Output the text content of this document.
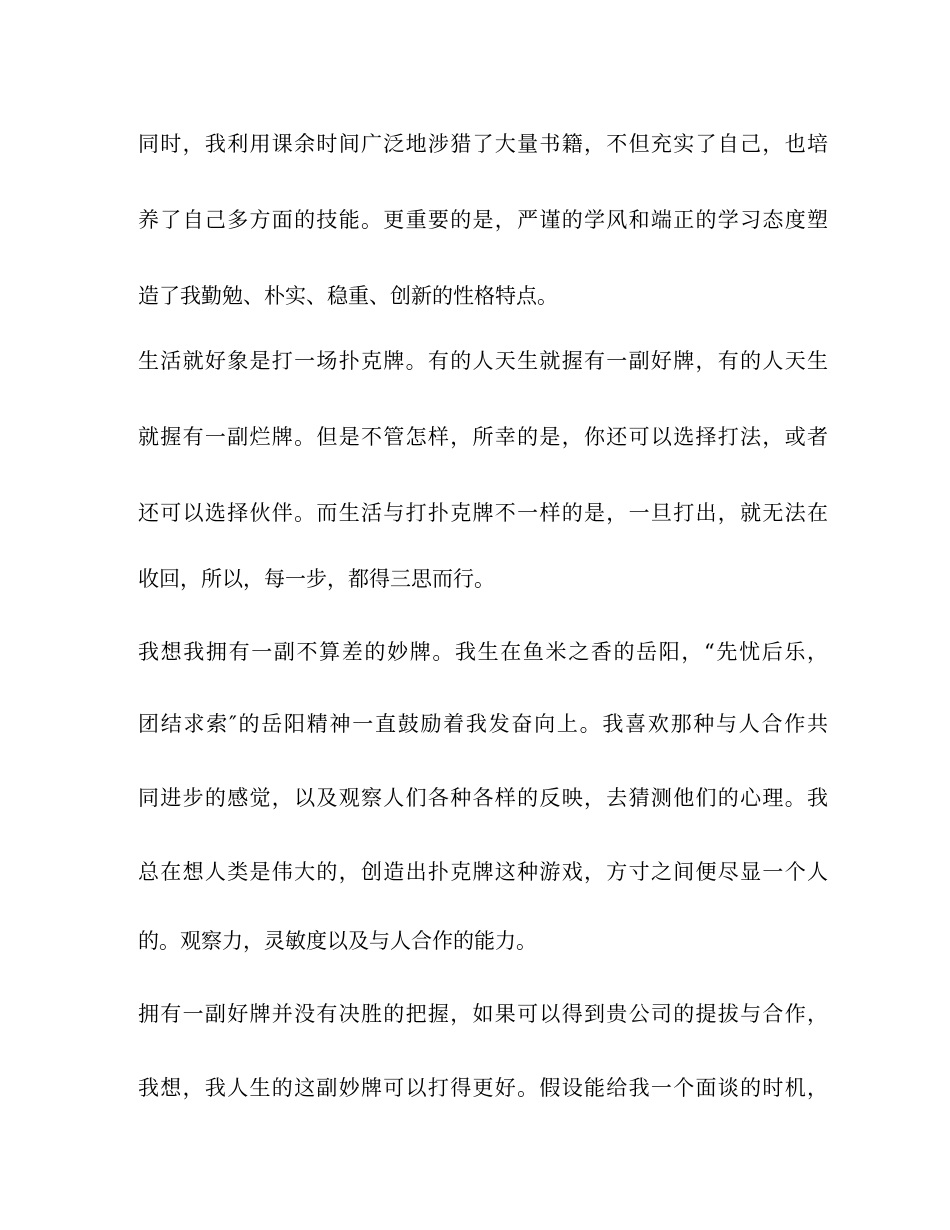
同时，我利用课余时间广泛地涉猎了大量书籍，不但充实了自己，也培
养了自己多方面的技能。更重要的是，严谨的学风和端正的学习态度塑
造了我勤勉、朴实、稳重、创新的性格特点。
生活就好象是打一场扑克牌。有的人天生就握有一副好牌，有的人天生
就握有一副烂牌。但是不管怎样，所幸的是，你还可以选择打法，或者
还可以选择伙伴。而生活与打扑克牌不一样的是，一旦打出，就无法在
收回，所以，每一步，都得三思而行。
我想我拥有一副不算差的妙牌。我生在鱼米之香的岳阳，“先忧后乐，
团结求索″的岳阳精神一直鼓励着我发奋向上。我喜欢那种与人合作共
同进步的感觉，以及观察人们各种各样的反映，去猜测他们的心理。我
总在想人类是伟大的，创造出扑克牌这种游戏，方寸之间便尽显一个人
的。观察力，灵敏度以及与人合作的能力。
拥有一副好牌并没有决胜的把握，如果可以得到贵公司的提拔与合作，
我想，我人生的这副妙牌可以打得更好。假设能给我一个面谈的时机，
